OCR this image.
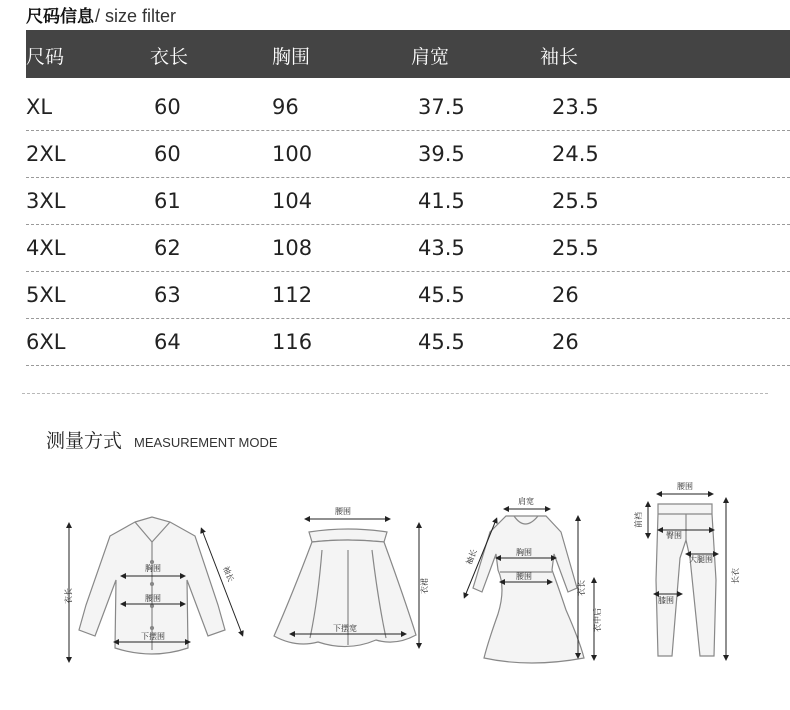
尺码信息 / size filter
尺码	衣长	胸围	肩宽	袖长
XL	60	96	37.5	23.5
2XL	60	100	39.5	24.5
3XL	61	104	41.5	25.5
4XL	62	108	43.5	25.5
5XL	63	112	45.5	26
6XL	64	116	45.5	26
测量方式 MEASUREMENT MODE
衣长
胸围
腰围
下摆围
袖长
腰围
衣裙
下摆宽
肩宽
胸围
腰围
袖长
衣长
衣中后
腰围
前裆
臀围
大腿围
膝围
长衣
